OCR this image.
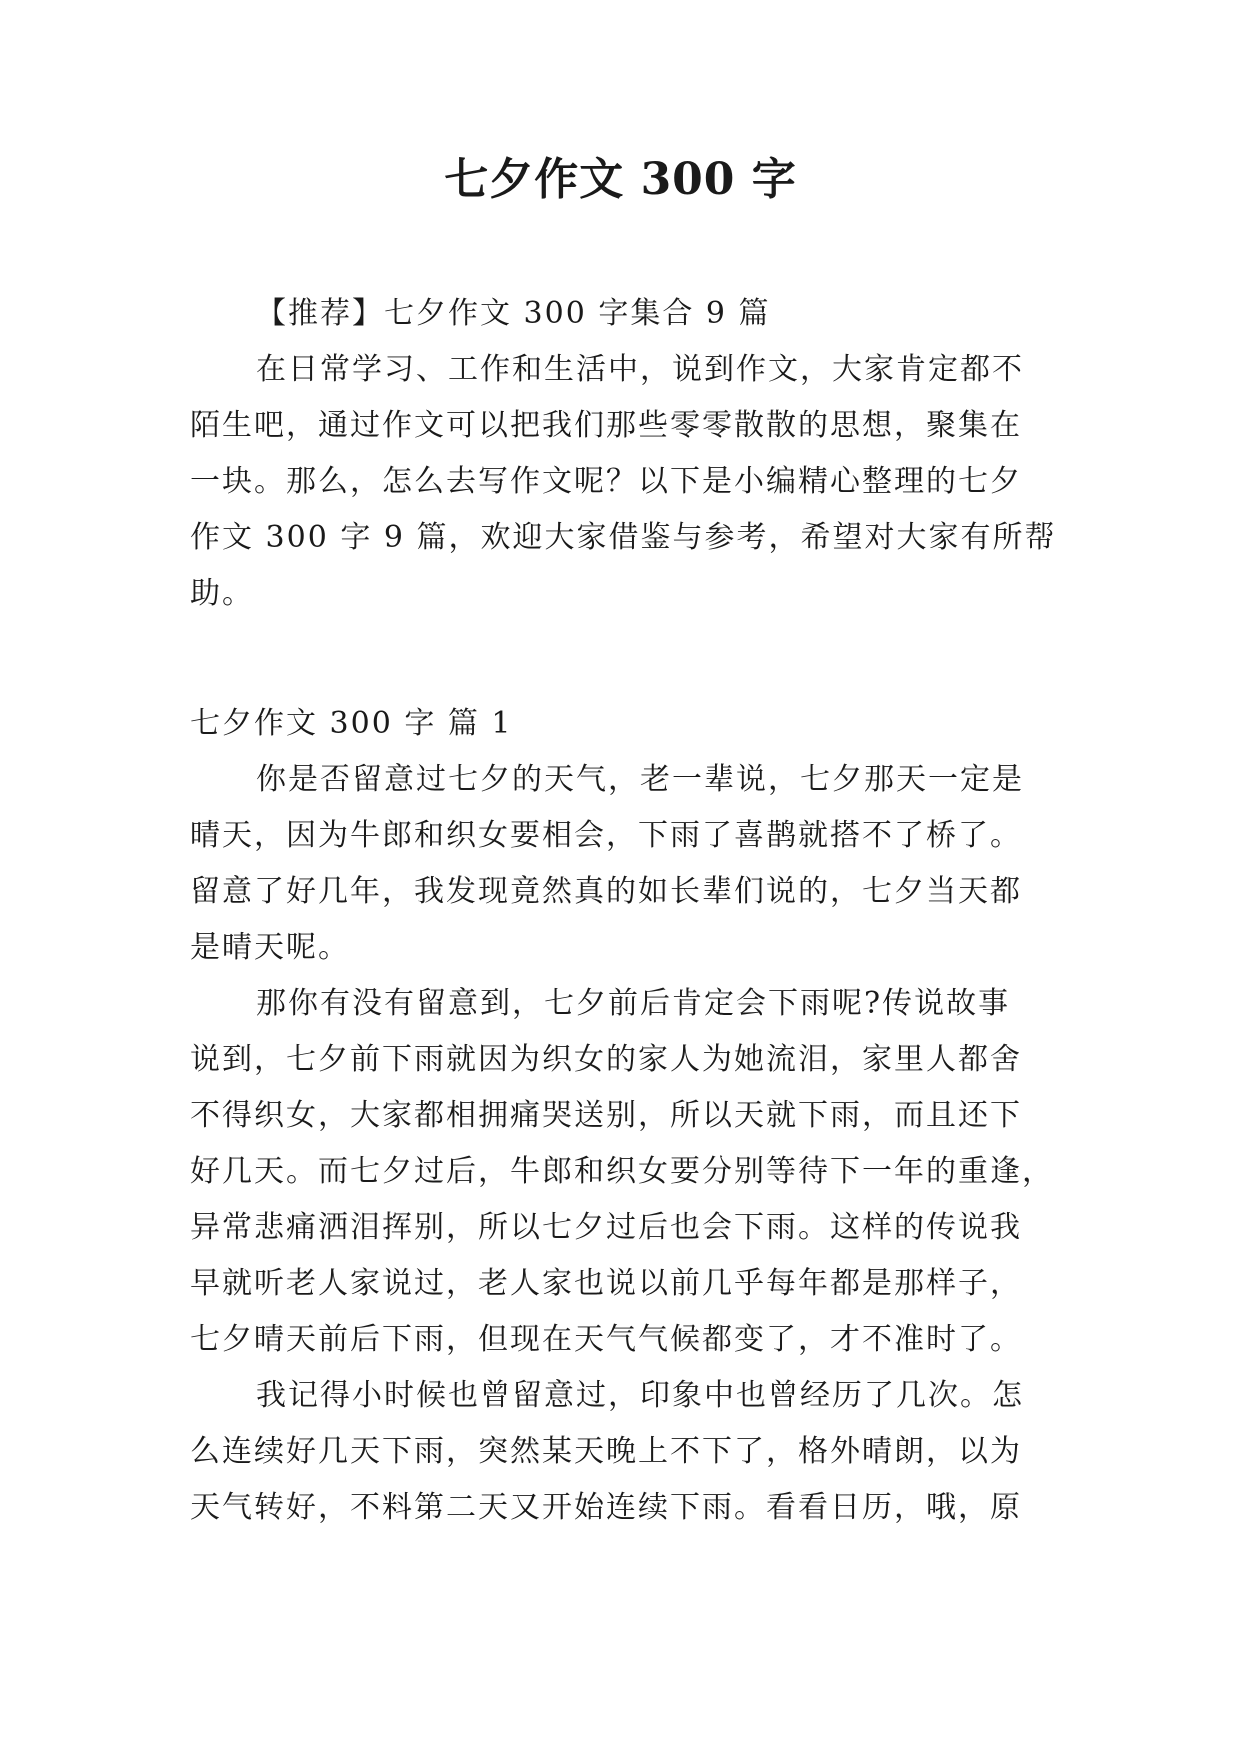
七夕作文 300 字
【推荐】七夕作文 300 字集合 9 篇
在日常学习、工作和生活中，说到作文，大家肯定都不
陌生吧，通过作文可以把我们那些零零散散的思想，聚集在
一块。那么，怎么去写作文呢？以下是小编精心整理的七夕
作文 300 字 9 篇，欢迎大家借鉴与参考，希望对大家有所帮
助。
七夕作文 300 字 篇 1
你是否留意过七夕的天气，老一辈说，七夕那天一定是
晴天，因为牛郎和织女要相会，下雨了喜鹊就搭不了桥了。
留意了好几年，我发现竟然真的如长辈们说的，七夕当天都
是晴天呢。
那你有没有留意到，七夕前后肯定会下雨呢?传说故事
说到，七夕前下雨就因为织女的家人为她流泪，家里人都舍
不得织女，大家都相拥痛哭送别，所以天就下雨，而且还下
好几天。而七夕过后，牛郎和织女要分别等待下一年的重逢，
异常悲痛洒泪挥别，所以七夕过后也会下雨。这样的传说我
早就听老人家说过，老人家也说以前几乎每年都是那样子，
七夕晴天前后下雨，但现在天气气候都变了，才不准时了。
我记得小时候也曾留意过，印象中也曾经历了几次。怎
么连续好几天下雨，突然某天晚上不下了，格外晴朗，以为
天气转好，不料第二天又开始连续下雨。看看日历，哦，原
